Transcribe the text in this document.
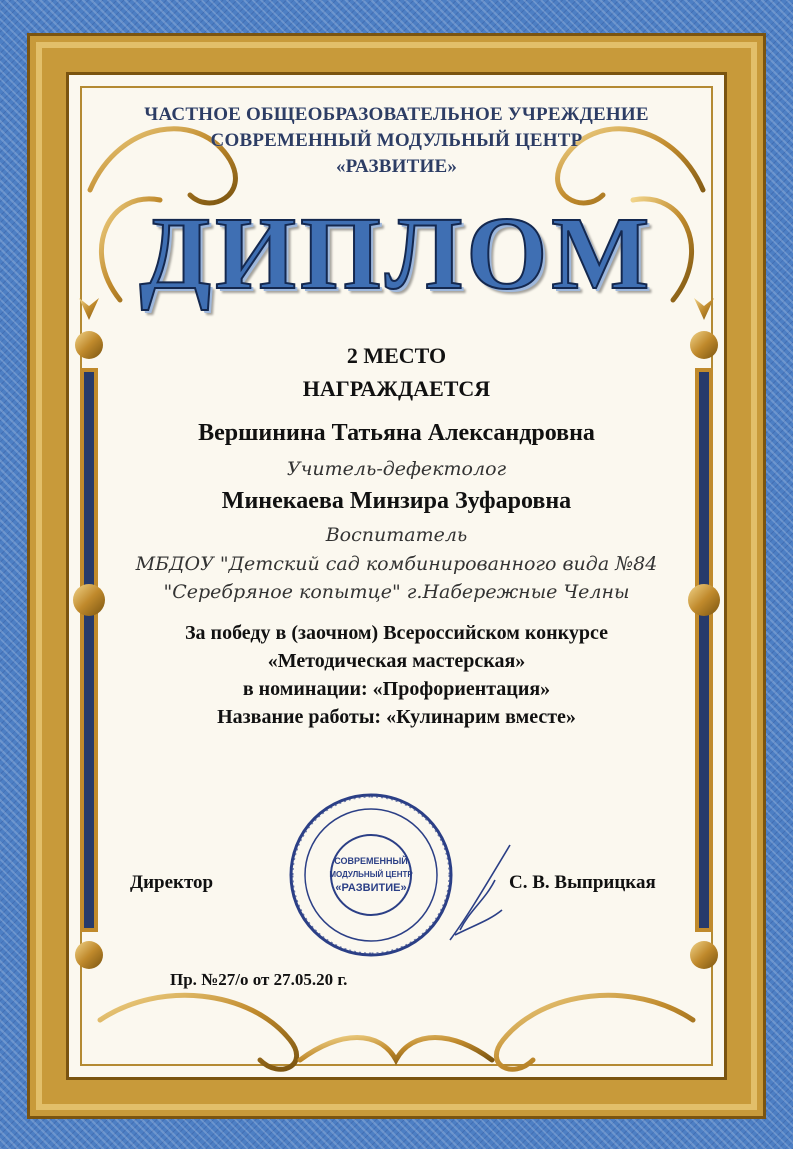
ЧАСТНОЕ ОБЩЕОБРАЗОВАТЕЛЬНОЕ УЧРЕЖДЕНИЕ
СОВРЕМЕННЫЙ МОДУЛЬНЫЙ ЦЕНТР
«РАЗВИТИЕ»
ДИПЛОМ
2 МЕСТО
НАГРАЖДАЕТСЯ
Вершинина Татьяна Александровна
Учитель-дефектолог
Минекаева Минзира Зуфаровна
Воспитатель
МБДОУ "Детский сад комбинированного вида №84
"Серебряное копытце" г.Набережные Челны
За победу в (заочном) Всероссийском конкурсе
«Методическая мастерская»
в номинации: «Профориентация»
Название работы: «Кулинарим вместе»
СОВРЕМЕННЫЙ
МОДУЛЬНЫЙ ЦЕНТР
«РАЗВИТИЕ»
Директор	С. В. Выприцкая
Пр. №27/о от 27.05.20 г.
